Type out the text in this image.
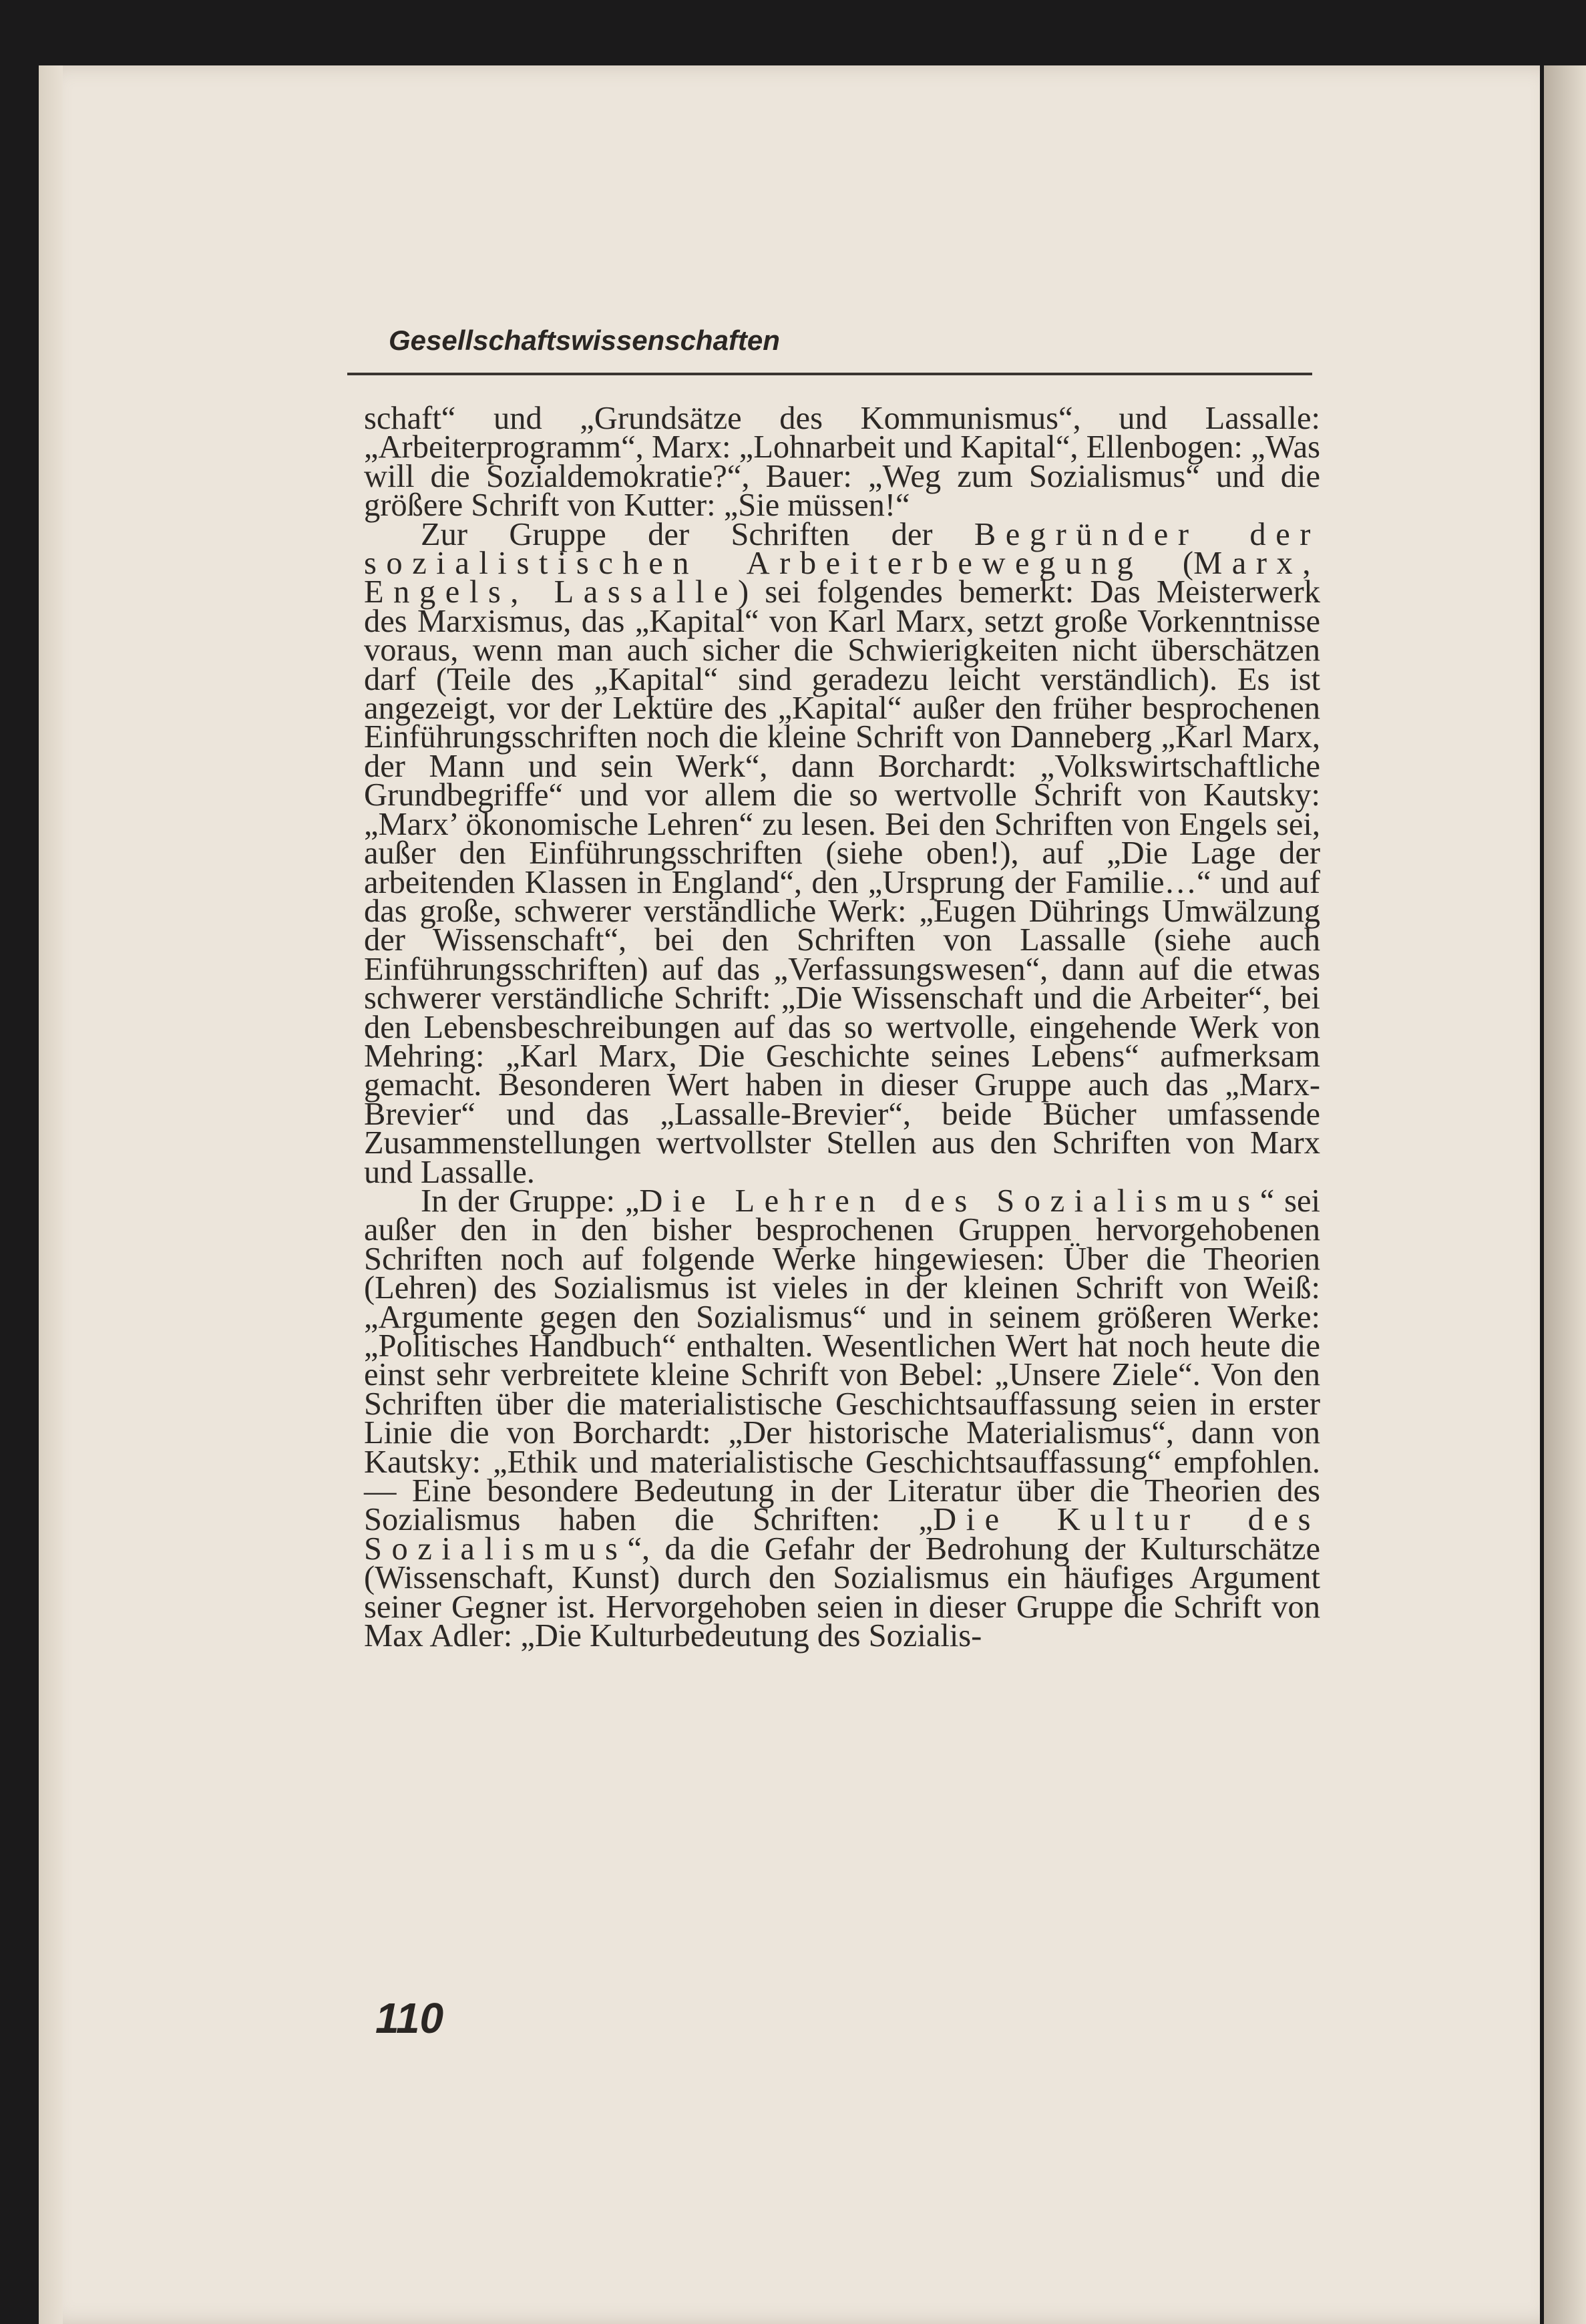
Gesellschaftswissenschaften

schaft“ und „Grundsätze des Kommunismus“, und Lassalle: „Arbeiterprogramm“, Marx: „Lohnarbeit und Kapital“, Ellenbogen: „Was will die Sozialdemokratie?“, Bauer: „Weg zum Sozialismus“ und die größere Schrift von Kutter: „Sie müssen!“

Zur Gruppe der Schriften der Begründer der sozialistischen Arbeiterbewegung (Marx, Engels, Lassalle) sei folgendes bemerkt: Das Meisterwerk des Marxismus, das „Kapital“ von Karl Marx, setzt große Vorkenntnisse voraus, wenn man auch sicher die Schwierigkeiten nicht überschätzen darf (Teile des „Kapital“ sind geradezu leicht verständlich). Es ist angezeigt, vor der Lektüre des „Kapital“ außer den früher besprochenen Einführungsschriften noch die kleine Schrift von Danneberg „Karl Marx, der Mann und sein Werk“, dann Borchardt: „Volkswirtschaftliche Grundbegriffe“ und vor allem die so wertvolle Schrift von Kautsky: „Marx’ ökonomische Lehren“ zu lesen. Bei den Schriften von Engels sei, außer den Einführungsschriften (siehe oben!), auf „Die Lage der arbeitenden Klassen in England“, den „Ursprung der Familie…“ und auf das große, schwerer verständliche Werk: „Eugen Dührings Umwälzung der Wissenschaft“, bei den Schriften von Lassalle (siehe auch Einführungsschriften) auf das „Verfassungswesen“, dann auf die etwas schwerer verständliche Schrift: „Die Wissenschaft und die Arbeiter“, bei den Lebensbeschreibungen auf das so wertvolle, eingehende Werk von Mehring: „Karl Marx, Die Geschichte seines Lebens“ aufmerksam gemacht. Besonderen Wert haben in dieser Gruppe auch das „Marx-Brevier“ und das „Lassalle-Brevier“, beide Bücher umfassende Zusammenstellungen wertvollster Stellen aus den Schriften von Marx und Lassalle.

In der Gruppe: „Die Lehren des Sozialismus“ sei außer den in den bisher besprochenen Gruppen hervorgehobenen Schriften noch auf folgende Werke hingewiesen: Über die Theorien (Lehren) des Sozialismus ist vieles in der kleinen Schrift von Weiß: „Argumente gegen den Sozialismus“ und in seinem größeren Werke: „Politisches Handbuch“ enthalten. Wesentlichen Wert hat noch heute die einst sehr verbreitete kleine Schrift von Bebel: „Unsere Ziele“. Von den Schriften über die materialistische Geschichtsauffassung seien in erster Linie die von Borchardt: „Der historische Materialismus“, dann von Kautsky: „Ethik und materialistische Geschichtsauffassung“ empfohlen. — Eine besondere Bedeutung in der Literatur über die Theorien des Sozialismus haben die Schriften: „Die Kultur des Sozialismus“, da die Gefahr der Bedrohung der Kulturschätze (Wissenschaft, Kunst) durch den Sozialismus ein häufiges Argument seiner Gegner ist. Hervorgehoben seien in dieser Gruppe die Schrift von Max Adler: „Die Kulturbedeutung des Sozialis-

110
